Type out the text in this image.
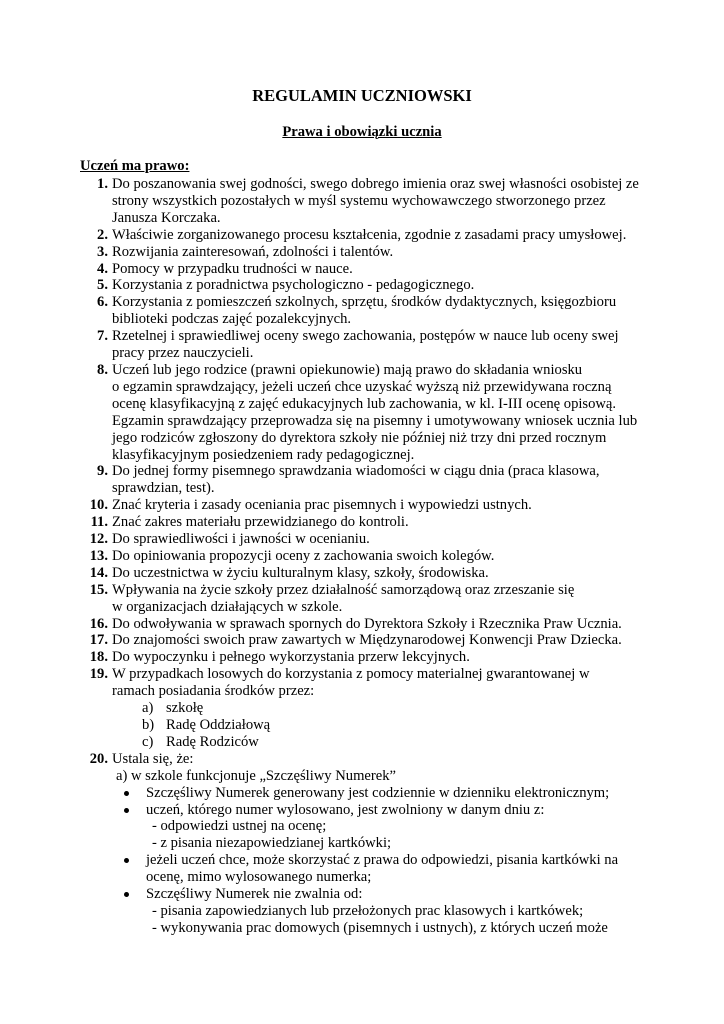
REGULAMIN UCZNIOWSKI
Prawa i obowiązki ucznia
Uczeń ma prawo:
1. Do poszanowania swej godności, swego dobrego imienia oraz swej własności osobistej ze
strony wszystkich pozostałych w myśl systemu wychowawczego stworzonego przez
Janusza Korczaka.
2. Właściwie zorganizowanego procesu kształcenia, zgodnie z zasadami pracy umysłowej.
3. Rozwijania zainteresowań, zdolności i talentów.
4. Pomocy w przypadku trudności w nauce.
5. Korzystania z poradnictwa psychologiczno - pedagogicznego.
6. Korzystania z pomieszczeń szkolnych, sprzętu, środków dydaktycznych, księgozbioru
biblioteki podczas zajęć pozalekcyjnych.
7. Rzetelnej i sprawiedliwej oceny swego zachowania, postępów w nauce lub oceny swej
pracy przez nauczycieli.
8. Uczeń lub jego rodzice (prawni opiekunowie) mają prawo do składania wniosku
o egzamin sprawdzający, jeżeli uczeń chce uzyskać wyższą niż przewidywana roczną
ocenę klasyfikacyjną z zajęć edukacyjnych lub zachowania, w kl. I-III ocenę opisową.
Egzamin sprawdzający przeprowadza się na pisemny i umotywowany wniosek ucznia lub
jego rodziców zgłoszony do dyrektora szkoły nie później niż trzy dni przed rocznym
klasyfikacyjnym posiedzeniem rady pedagogicznej.
9. Do jednej formy pisemnego sprawdzania wiadomości w ciągu dnia (praca klasowa,
sprawdzian, test).
10. Znać kryteria i zasady oceniania prac pisemnych i wypowiedzi ustnych.
11. Znać zakres materiału przewidzianego do kontroli.
12. Do sprawiedliwości i jawności w ocenianiu.
13. Do opiniowania propozycji oceny z zachowania swoich kolegów.
14. Do uczestnictwa w życiu kulturalnym klasy, szkoły, środowiska.
15. Wpływania na życie szkoły przez działalność samorządową oraz zrzeszanie się
w organizacjach działających w szkole.
16. Do odwoływania w sprawach spornych do Dyrektora Szkoły i Rzecznika Praw Ucznia.
17. Do znajomości swoich praw zawartych w Międzynarodowej Konwencji Praw Dziecka.
18. Do wypoczynku i pełnego wykorzystania przerw lekcyjnych.
19. W przypadkach losowych do korzystania z pomocy materialnej gwarantowanej w
ramach posiadania środków przez:
a) szkołę
b) Radę Oddziałową
c) Radę Rodziców
20. Ustala się, że:
a) w szkole funkcjonuje „Szczęśliwy Numerek”
Szczęśliwy Numerek generowany jest codziennie w dzienniku elektronicznym;
uczeń, którego numer wylosowano, jest zwolniony w danym dniu z:
- odpowiedzi ustnej na ocenę;
- z pisania niezapowiedzianej kartkówki;
jeżeli uczeń chce, może skorzystać z prawa do odpowiedzi, pisania kartkówki na
ocenę, mimo wylosowanego numerka;
Szczęśliwy Numerek nie zwalnia od:
- pisania zapowiedzianych lub przełożonych prac klasowych i kartkówek;
- wykonywania prac domowych (pisemnych i ustnych), z których uczeń może
